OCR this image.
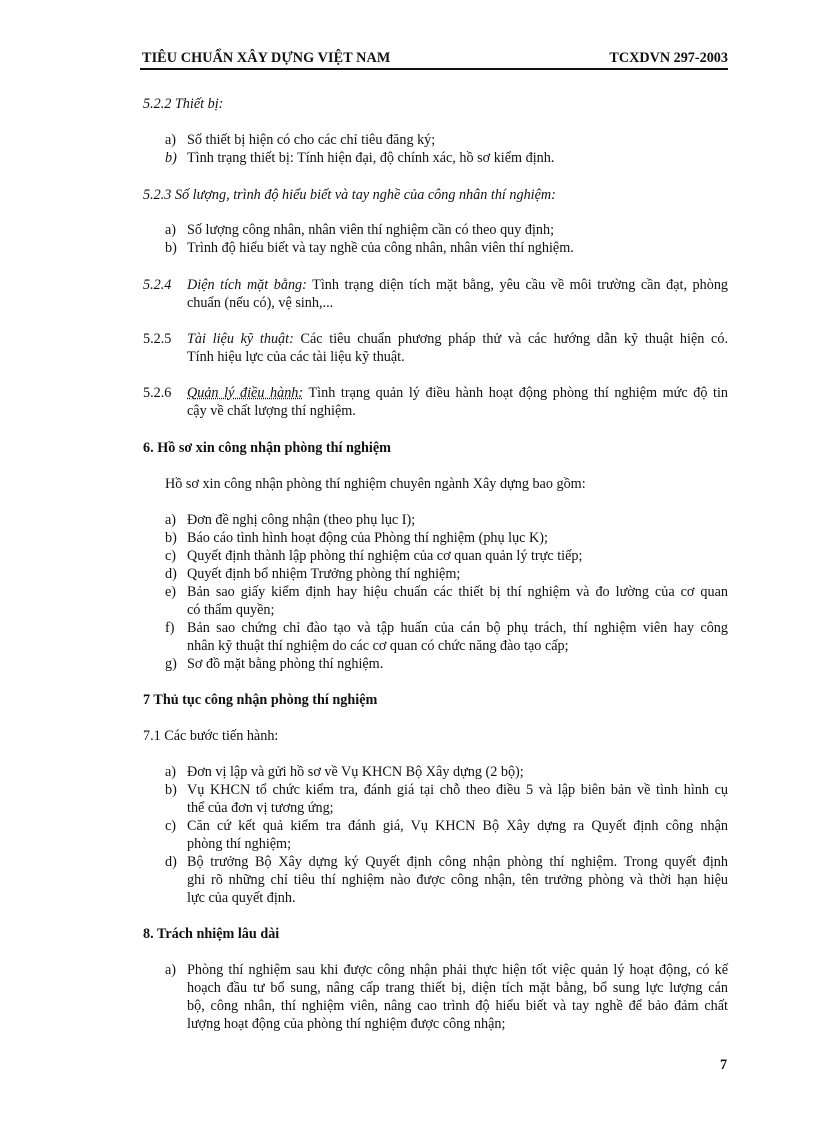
TIÊU CHUẨN XÂY DỰNG VIỆT NAM	TCXDVN 297-2003
5.2.2 Thiết bị:
a) Số thiết bị hiện có cho các chỉ tiêu đăng ký;
b) Tình trạng thiết bị: Tính hiện đại, độ chính xác, hồ sơ kiểm định.
5.2.3 Số lượng, trình độ hiểu biết và tay nghề của công nhân thí nghiệm:
a) Số lượng công nhân, nhân viên thí nghiệm cần có theo quy định;
b) Trình độ hiểu biết và tay nghề của công nhân, nhân viên thí nghiệm.
5.2.4 Diện tích mặt bằng: Tình trạng diện tích mặt bằng, yêu cầu về môi trường cần đạt, phòng
chuẩn (nếu có), vệ sinh,...
5.2.5 Tài liệu kỹ thuật: Các tiêu chuẩn phương pháp thử và các hướng dẫn kỹ thuật hiện có.
Tính hiệu lực của các tài liệu kỹ thuật.
5.2.6 Quản lý điều hành: Tình trạng quản lý điều hành hoạt động phòng thí nghiệm mức độ tin
cậy về chất lượng thí nghiệm.
6. Hồ sơ xin công nhận phòng thí nghiệm
Hồ sơ xin công nhận phòng thí nghiệm chuyên ngành Xây dựng bao gồm:
a) Đơn đề nghị công nhận (theo phụ lục I);
b) Báo cáo tình hình hoạt động của Phòng thí nghiệm (phụ lục K);
c) Quyết định thành lập phòng thí nghiệm của cơ quan quản lý trực tiếp;
d) Quyết định bổ nhiệm Trưởng phòng thí nghiệm;
e) Bản sao giấy kiểm định hay hiệu chuẩn các thiết bị thí nghiệm và đo lường của cơ quan
có thẩm quyền;
f) Bản sao chứng chỉ đào tạo và tập huấn của cán bộ phụ trách, thí nghiệm viên hay công
nhân kỹ thuật thí nghiệm do các cơ quan có chức năng đào tạo cấp;
g) Sơ đồ mặt bằng phòng thí nghiệm.
7 Thủ tục công nhận phòng thí nghiệm
7.1 Các bước tiến hành:
a) Đơn vị lập và gửi hồ sơ về Vụ KHCN Bộ Xây dựng (2 bộ);
b) Vụ KHCN tổ chức kiểm tra, đánh giá tại chỗ theo điều 5 và lập biên bản về tình hình cụ
thể của đơn vị tương ứng;
c) Căn cứ kết quả kiểm tra đánh giá, Vụ KHCN Bộ Xây dựng ra Quyết định công nhận
phòng thí nghiệm;
d) Bộ trưởng Bộ Xây dựng ký Quyết định công nhận phòng thí nghiệm. Trong quyết định
ghi rõ những chỉ tiêu thí nghiệm nào được công nhận, tên trưởng phòng và thời hạn hiệu
lực của quyết định.
8. Trách nhiệm lâu dài
a) Phòng thí nghiệm sau khi được công nhận phải thực hiện tốt việc quản lý hoạt động, có kế
hoạch đầu tư bổ sung, nâng cấp trang thiết bị, diện tích mặt bằng, bổ sung lực lượng cán
bộ, công nhân, thí nghiệm viên, nâng cao trình độ hiểu biết và tay nghề để bảo đảm chất
lượng hoạt động của phòng thí nghiệm được công nhận;
7
